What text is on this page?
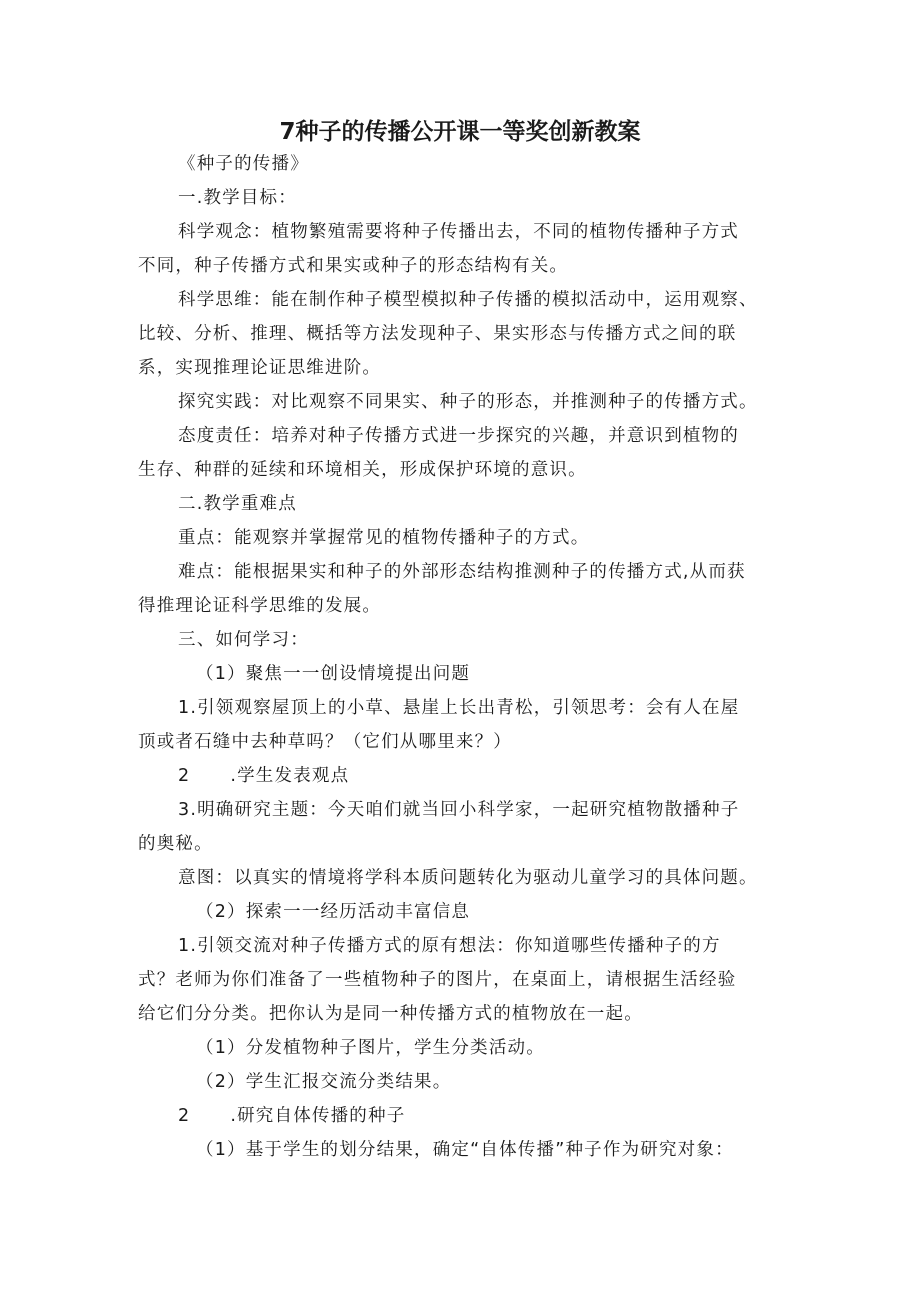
7种子的传播公开课一等奖创新教案
《种子的传播》
一.教学目标：
科学观念：植物繁殖需要将种子传播出去，不同的植物传播种子方式
不同，种子传播方式和果实或种子的形态结构有关。
科学思维：能在制作种子模型模拟种子传播的模拟活动中，运用观察、
比较、分析、推理、概括等方法发现种子、果实形态与传播方式之间的联
系，实现推理论证思维进阶。
探究实践：对比观察不同果实、种子的形态，并推测种子的传播方式。
态度责任：培养对种子传播方式进一步探究的兴趣，并意识到植物的
生存、种群的延续和环境相关，形成保护环境的意识。
二.教学重难点
重点：能观察并掌握常见的植物传播种子的方式。
难点：能根据果实和种子的外部形态结构推测种子的传播方式,从而获
得推理论证科学思维的发展。
三、如何学习：
（1）聚焦一一创设情境提出问题
1.引领观察屋顶上的小草、悬崖上长出青松，引领思考：会有人在屋
顶或者石缝中去种草吗？（它们从哪里来？）
2 .学生发表观点
3.明确研究主题：今天咱们就当回小科学家，一起研究植物散播种子
的奥秘。
意图：以真实的情境将学科本质问题转化为驱动儿童学习的具体问题。
（2）探索一一经历活动丰富信息
1.引领交流对种子传播方式的原有想法：你知道哪些传播种子的方
式？老师为你们准备了一些植物种子的图片，在桌面上，请根据生活经验
给它们分分类。把你认为是同一种传播方式的植物放在一起。
（1）分发植物种子图片，学生分类活动。
（2）学生汇报交流分类结果。
2 .研究自体传播的种子
（1）基于学生的划分结果，确定“自体传播”种子作为研究对象：
